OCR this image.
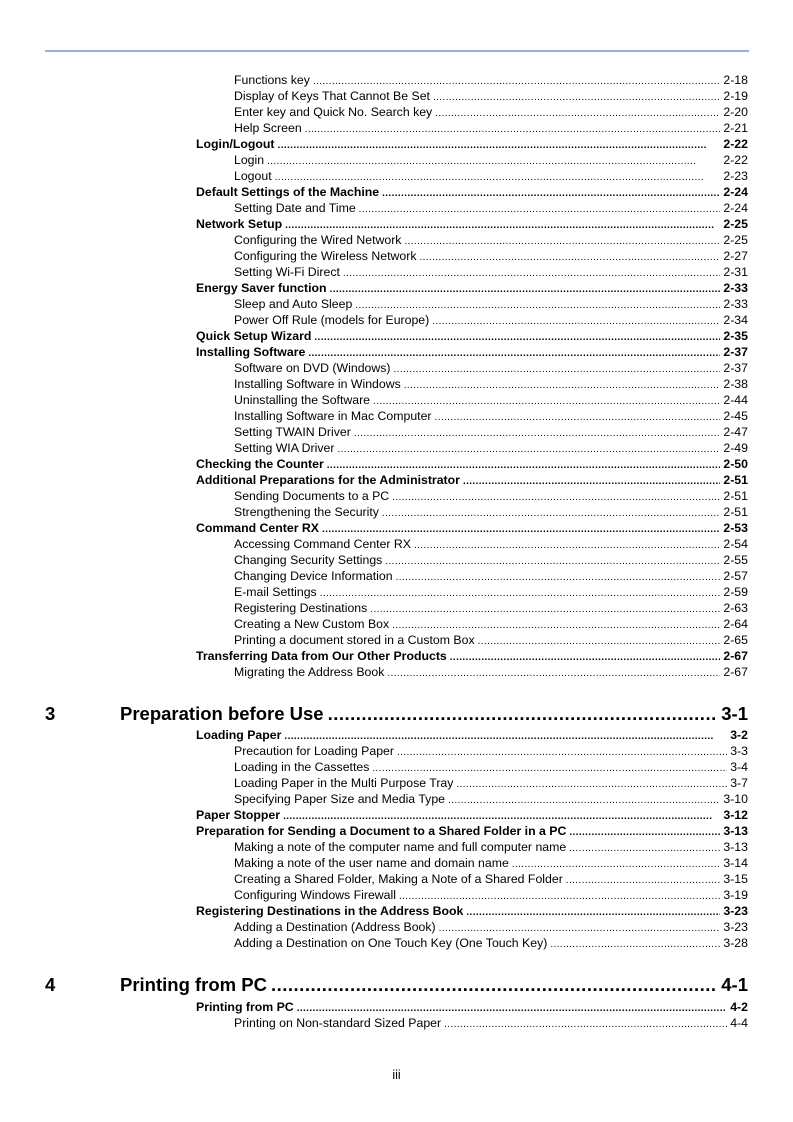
Functions key . . .	2-18
Display of Keys That Cannot Be Set . . .	2-19
Enter key and Quick No. Search key . . .	2-20
Help Screen . . .	2-21
Login/Logout . . .	2-22
Login . . .	2-22
Logout . . .	2-23
Default Settings of the Machine . . .	2-24
Setting Date and Time . . .	2-24
Network Setup . . .	2-25
Configuring the Wired Network . . .	2-25
Configuring the Wireless Network . . .	2-27
Setting Wi-Fi Direct . . .	2-31
Energy Saver function . . .	2-33
Sleep and Auto Sleep . . .	2-33
Power Off Rule (models for Europe) . . .	2-34
Quick Setup Wizard . . .	2-35
Installing Software . . .	2-37
Software on DVD (Windows) . . .	2-37
Installing Software in Windows . . .	2-38
Uninstalling the Software . . .	2-44
Installing Software in Mac Computer . . .	2-45
Setting TWAIN Driver . . .	2-47
Setting WIA Driver . . .	2-49
Checking the Counter . . .	2-50
Additional Preparations for the Administrator . . .	2-51
Sending Documents to a PC . . .	2-51
Strengthening the Security . . .	2-51
Command Center RX . . .	2-53
Accessing Command Center RX . . .	2-54
Changing Security Settings . . .	2-55
Changing Device Information . . .	2-57
E-mail Settings . . .	2-59
Registering Destinations . . .	2-63
Creating a New Custom Box . . .	2-64
Printing a document stored in a Custom Box . . .	2-65
Transferring Data from Our Other Products . . .	2-67
Migrating the Address Book . . .	2-67
3	Preparation before Use .....	3-1
Loading Paper . . .	3-2
Precaution for Loading Paper . . .	3-3
Loading in the Cassettes . . .	3-4
Loading Paper in the Multi Purpose Tray . . .	3-7
Specifying Paper Size and Media Type . . .	3-10
Paper Stopper . . .	3-12
Preparation for Sending a Document to a Shared Folder in a PC . . .	3-13
Making a note of the computer name and full computer name . . .	3-13
Making a note of the user name and domain name . . .	3-14
Creating a Shared Folder, Making a Note of a Shared Folder . . .	3-15
Configuring Windows Firewall . . .	3-19
Registering Destinations in the Address Book . . .	3-23
Adding a Destination (Address Book) . . .	3-23
Adding a Destination on One Touch Key (One Touch Key) . . .	3-28
4	Printing from PC .....	4-1
Printing from PC . . .	4-2
Printing on Non-standard Sized Paper . . .	4-4
iii
